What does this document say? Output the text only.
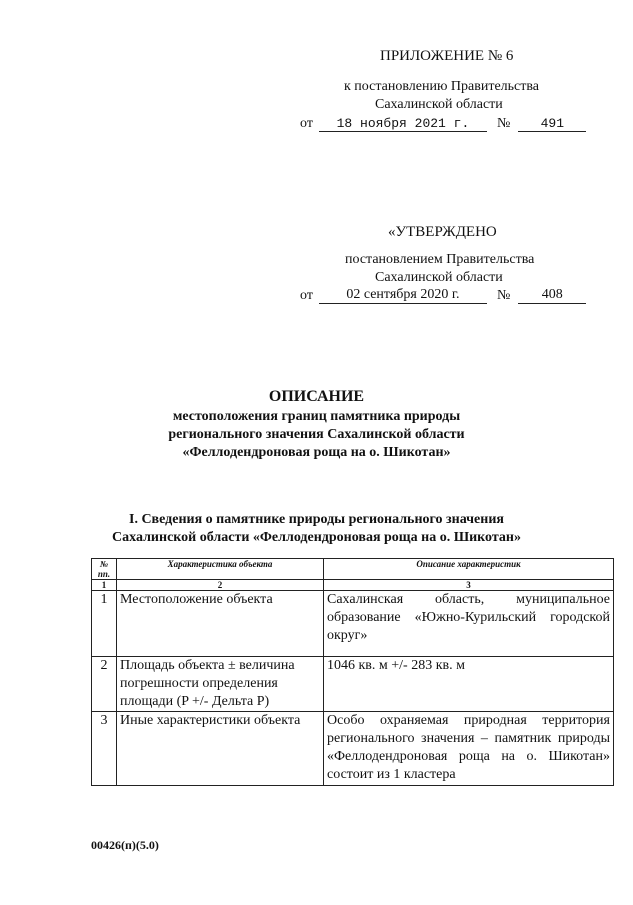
ПРИЛОЖЕНИЕ № 6
к постановлению Правительства
Сахалинской области
от	18 ноября 2021 г.	№	491
«УТВЕРЖДЕНО
постановлением Правительства
Сахалинской области
от	02 сентября 2020 г.	№	408
ОПИСАНИЕ
местоположения границ памятника природы
регионального значения Сахалинской области
«Феллодендроновая роща на о. Шикотан»
I. Сведения о памятнике природы регионального значения
Сахалинской области «Феллодендроновая роща на о. Шикотан»
№ пп.	Характеристика объекта	Описание характеристик
1	2	3
1	Местоположение объекта	Сахалинская область, муниципальное образование «Южно-Курильский городской округ»
2	Площадь объекта ± величина погрешности определения площади (P +/- Дельта P)	1046 кв. м +/- 283 кв. м
3	Иные характеристики объекта	Особо охраняемая природная территория регионального значения – памятник природы «Феллодендроновая роща на о. Шикотан» состоит из 1 кластера
00426(п)(5.0)
